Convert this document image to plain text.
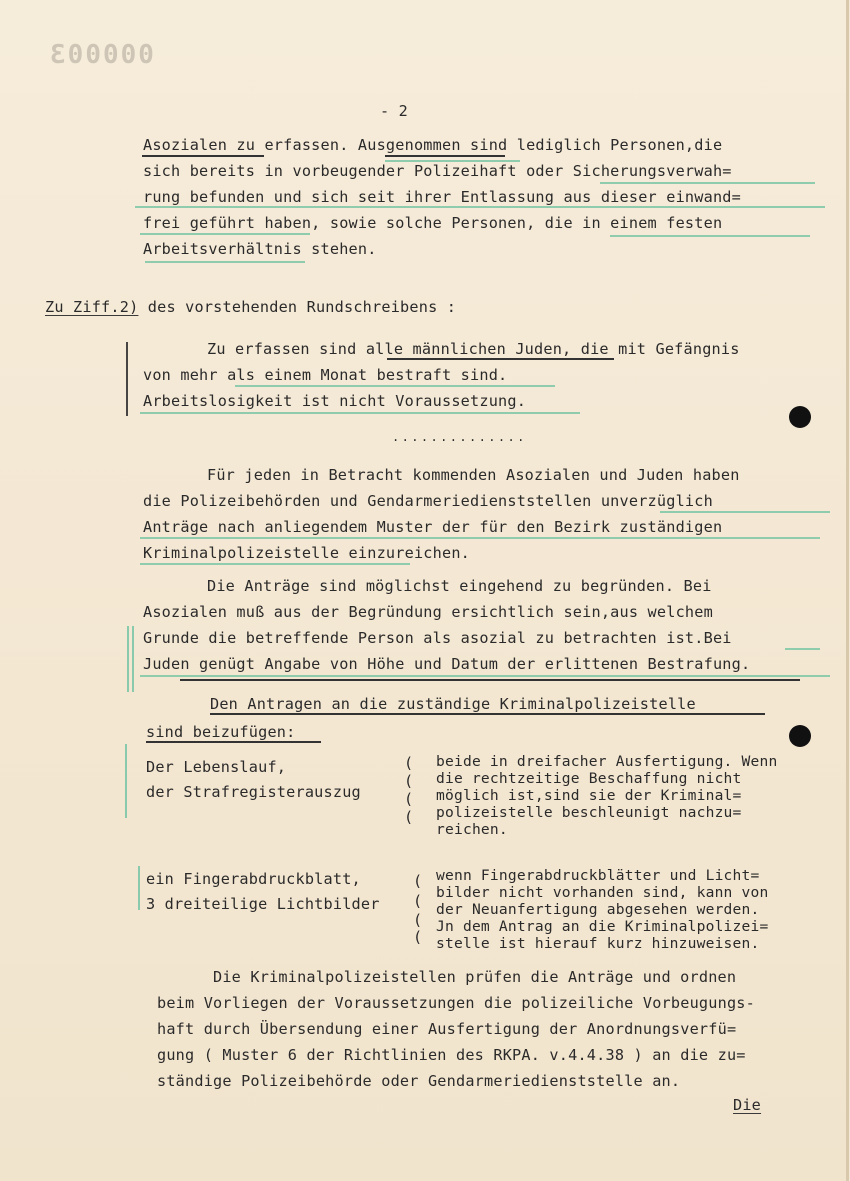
000003
- 2
Asozialen zu erfassen. Ausgenommen sind lediglich Personen,die
sich bereits in vorbeugender Polizeihaft oder Sicherungsverwah=
rung befunden und sich seit ihrer Entlassung aus dieser einwand=
frei geführt haben, sowie solche Personen, die in einem festen
Arbeitsverhältnis stehen.
Zu Ziff.2) des vorstehenden Rundschreibens :
Zu erfassen sind alle männlichen Juden, die mit Gefängnis
von mehr als einem Monat bestraft sind.
Arbeitslosigkeit ist nicht Voraussetzung.
..............
Für jeden in Betracht kommenden Asozialen und Juden haben
die Polizeibehörden und Gendarmeriedienststellen unverzüglich
Anträge nach anliegendem Muster der für den Bezirk zuständigen
Kriminalpolizeistelle einzureichen.
Die Anträge sind möglichst eingehend zu begründen. Bei
Asozialen muß aus der Begründung ersichtlich sein,aus welchem
Grunde die betreffende Person als asozial zu betrachten ist.Bei
Juden genügt Angabe von Höhe und Datum der erlittenen Bestrafung.
Den Antragen an die zuständige Kriminalpolizeistelle
sind beizufügen:
Der Lebenslauf,
der Strafregisterauszug
(
(
(
(
beide in dreifacher Ausfertigung. Wenn
die rechtzeitige Beschaffung nicht
möglich ist,sind sie der Kriminal=
polizeistelle beschleunigt nachzu=
reichen.
ein Fingerabdruckblatt,
3 dreiteilige Lichtbilder
(
(
(
(
wenn Fingerabdruckblätter und Licht=
bilder nicht vorhanden sind, kann von
der Neuanfertigung abgesehen werden.
Jn dem Antrag an die Kriminalpolizei=
stelle ist hierauf kurz hinzuweisen.
Die Kriminalpolizeistellen prüfen die Anträge und ordnen
beim Vorliegen der Voraussetzungen die polizeiliche Vorbeugungs-
haft durch Übersendung einer Ausfertigung der Anordnungsverfü=
gung ( Muster 6 der Richtlinien des RKPA. v.4.4.38 ) an die zu=
ständige Polizeibehörde oder Gendarmeriedienststelle an.
Die
